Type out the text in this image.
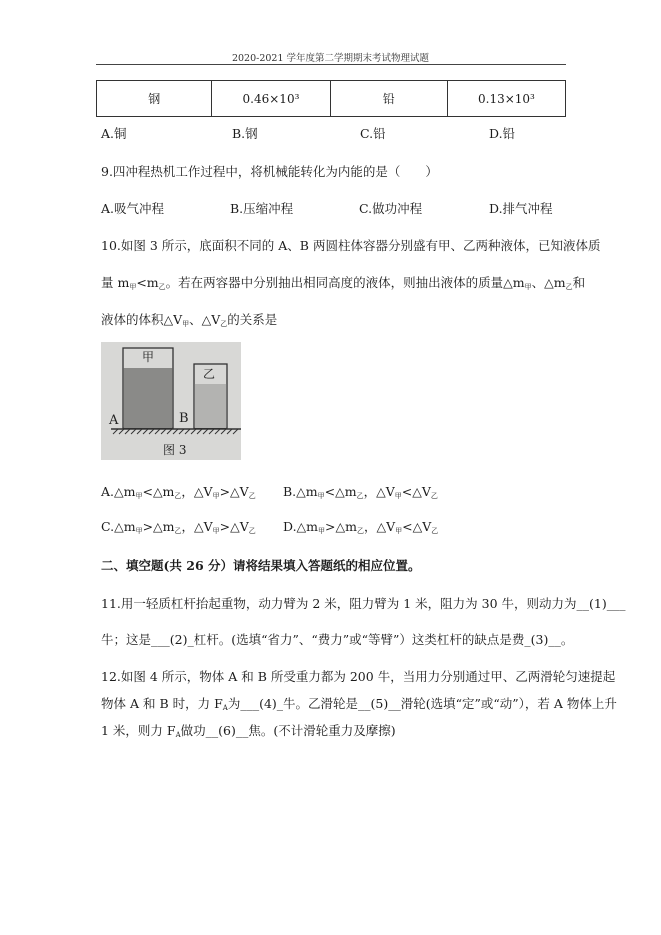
2020-2021 学年度第二学期期末考试物理试题
钢	0.46×10³	铅	0.13×10³
A.铜	B.钢	C.铅	D.铅
9.四冲程热机工作过程中，将机械能转化为内能的是（　　）
A.吸气冲程	B.压缩冲程	C.做功冲程	D.排气冲程
10.如图 3 所示，底面积不同的 A、B 两圆柱体容器分别盛有甲、乙两种液体，已知液体质
量 $m_甲<m_乙$。若在两容器中分别抽出相同高度的液体，则抽出液体的质量$\triangle m_甲$、$\triangle m_乙$和
液体的体积$\triangle V_甲$、$\triangle V_乙$的关系是
甲
乙
A	B
图 3
$A.\triangle m_甲<\triangle m_乙$，$\triangle V_甲>\triangle V_乙$ $B.\triangle m_甲<\triangle m_乙$，$\triangle V_甲<\triangle V_乙$
$C.\triangle m_甲>\triangle m_乙$，$\triangle V_甲>\triangle V_乙$ $D.\triangle m_甲>\triangle m_乙$，$\triangle V_甲<\triangle V_乙$
二、填空题(共 26 分）请将结果填入答题纸的相应位置。
11.用一轻质杠杆抬起重物，动力臂为 2 米，阻力臂为 1 米，阻力为 30 牛，则动力为__(1)___
牛；这是___(2)_杠杆。(选填“省力”、“费力”或“等臂”）这类杠杆的缺点是费_(3)__。
12.如图 4 所示，物体 A 和 B 所受重力都为 200 牛，当用力分别通过甲、乙两滑轮匀速提起
物体 A 和 B 时，力 $F_A$为___(4)_牛。乙滑轮是__(5)__滑轮(选填“定”或“动”），若 A 物体上升
1 米，则力 $F_A$做功__(6)__焦。(不计滑轮重力及摩擦)
